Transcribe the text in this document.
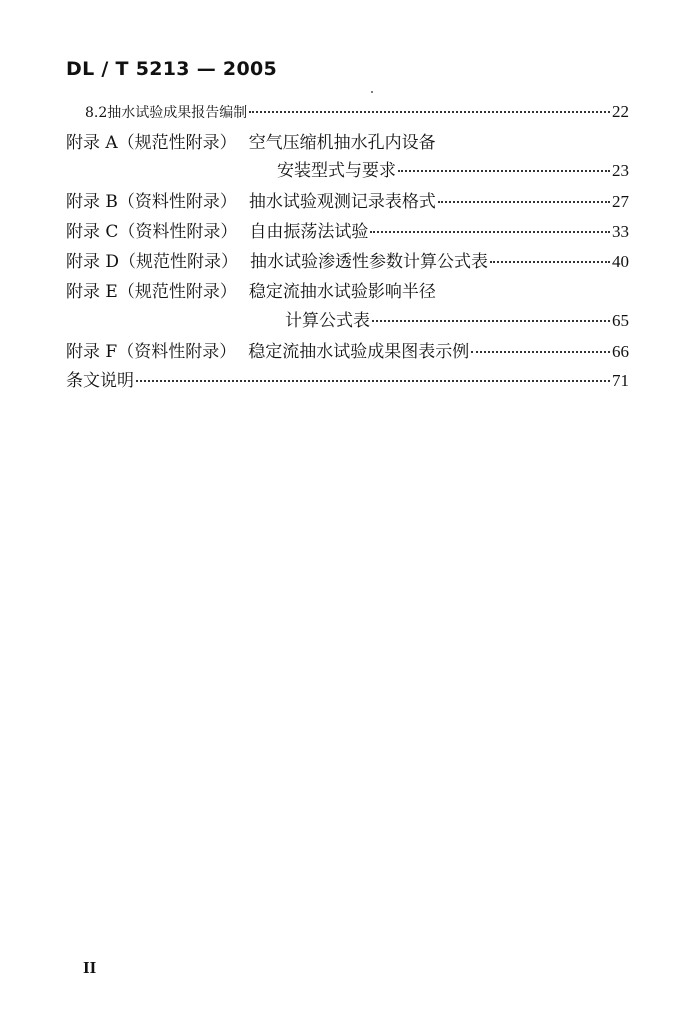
DL / T 5213 — 2005
8.2 抽水试验成果报告编制	22
附录 A（规范性附录） 空气压缩机抽水孔内设备
安装型式与要求	23
附录 B（资料性附录） 抽水试验观测记录表格式	27
附录 C（资料性附录） 自由振荡法试验	33
附录 D（规范性附录） 抽水试验渗透性参数计算公式表	40
附录 E（规范性附录） 稳定流抽水试验影响半径
计算公式表	65
附录 F（资料性附录） 稳定流抽水试验成果图表示例	66
条文说明	71
II
